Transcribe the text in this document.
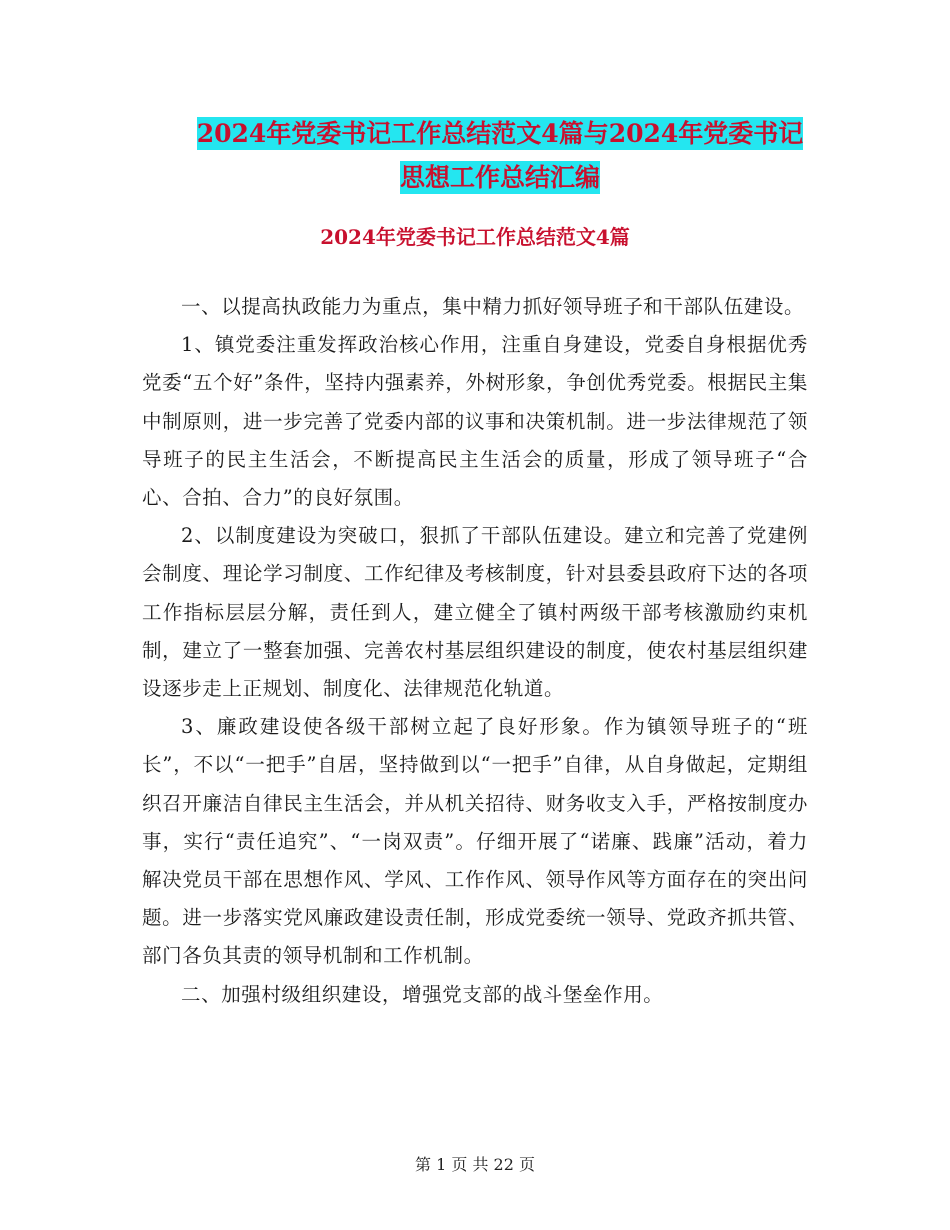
2024年党委书记工作总结范文4篇与2024年党委书记
思想工作总结汇编
2024年党委书记工作总结范文4篇

一、以提高执政能力为重点，集中精力抓好领导班子和干部队伍建设。

1、镇党委注重发挥政治核心作用，注重自身建设，党委自身根据优秀党委“五个好”条件，坚持内强素养，外树形象，争创优秀党委。根据民主集中制原则，进一步完善了党委内部的议事和决策机制。进一步法律规范了领导班子的民主生活会，不断提高民主生活会的质量，形成了领导班子“合心、合拍、合力”的良好氛围。

2、以制度建设为突破口，狠抓了干部队伍建设。建立和完善了党建例会制度、理论学习制度、工作纪律及考核制度，针对县委县政府下达的各项工作指标层层分解，责任到人，建立健全了镇村两级干部考核激励约束机制，建立了一整套加强、完善农村基层组织建设的制度，使农村基层组织建设逐步走上正规划、制度化、法律规范化轨道。

3、廉政建设使各级干部树立起了良好形象。作为镇领导班子的“班长”，不以“一把手”自居，坚持做到以“一把手”自律，从自身做起，定期组织召开廉洁自律民主生活会，并从机关招待、财务收支入手，严格按制度办事，实行“责任追究”、“一岗双责”。仔细开展了“诺廉、践廉”活动，着力解决党员干部在思想作风、学风、工作作风、领导作风等方面存在的突出问题。进一步落实党风廉政建设责任制，形成党委统一领导、党政齐抓共管、部门各负其责的领导机制和工作机制。

二、加强村级组织建设，增强党支部的战斗堡垒作用。

第 1 页 共 22 页
